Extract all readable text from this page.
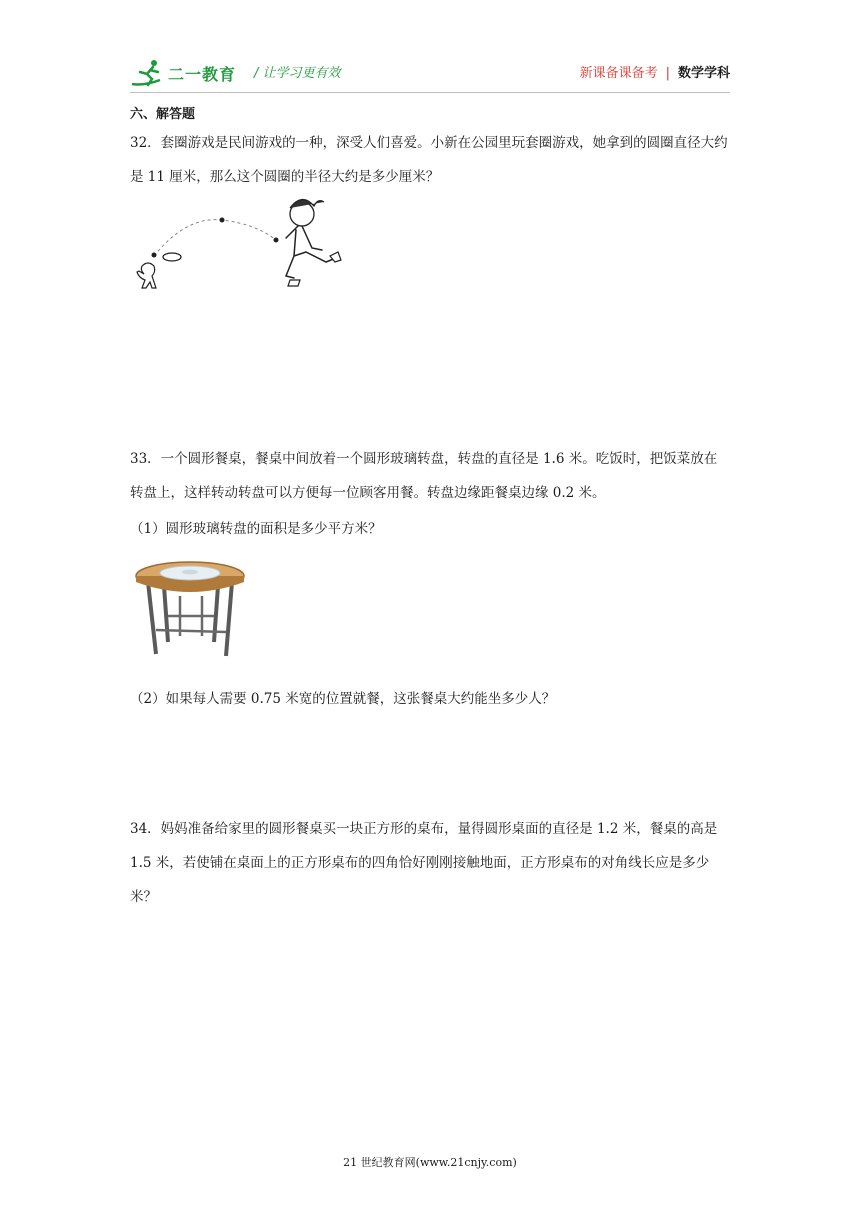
二一教育 / 让学习更有效	新课备课备考 | 数学学科
六、解答题
32．套圈游戏是民间游戏的一种，深受人们喜爱。小新在公园里玩套圈游戏，她拿到的圆圈直径大约是 11 厘米，那么这个圆圈的半径大约是多少厘米？
33．一个圆形餐桌，餐桌中间放着一个圆形玻璃转盘，转盘的直径是 1.6 米。吃饭时，把饭菜放在转盘上，这样转动转盘可以方便每一位顾客用餐。转盘边缘距餐桌边缘 0.2 米。
（1）圆形玻璃转盘的面积是多少平方米？
（2）如果每人需要 0.75 米宽的位置就餐，这张餐桌大约能坐多少人？
34．妈妈准备给家里的圆形餐桌买一块正方形的桌布，量得圆形桌面的直径是 1.2 米，餐桌的高是 1.5 米，若使铺在桌面上的正方形桌布的四角恰好刚刚接触地面，正方形桌布的对角线长应是多少米？
21 世纪教育网(www.21cnjy.com)
